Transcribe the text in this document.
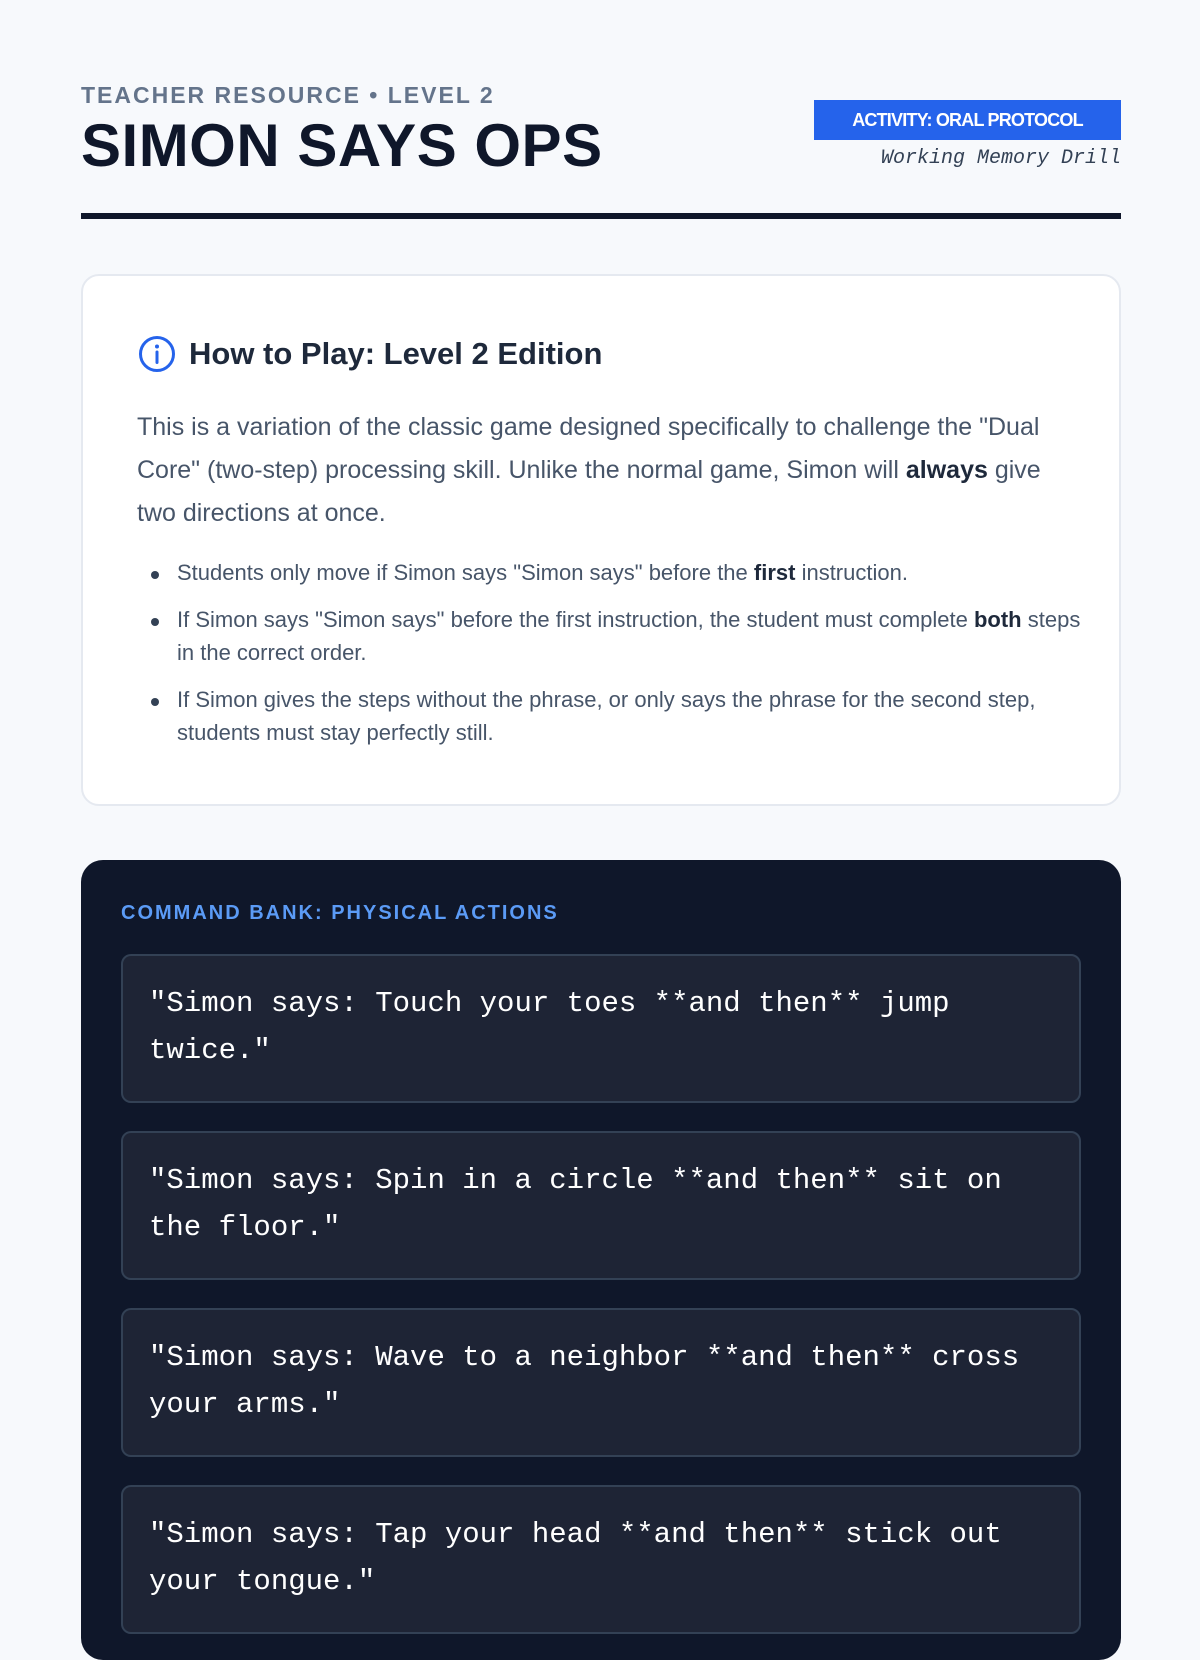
TEACHER RESOURCE • LEVEL 2
SIMON SAYS OPS	ACTIVITY: ORAL PROTOCOL
Working Memory Drill
How to Play: Level 2 Edition
This is a variation of the classic game designed specifically to challenge the "Dual Core" (two-step) processing skill. Unlike the normal game, Simon will always give two directions at once.
Students only move if Simon says "Simon says" before the first instruction.
If Simon says "Simon says" before the first instruction, the student must complete both steps in the correct order.
If Simon gives the steps without the phrase, or only says the phrase for the second step, students must stay perfectly still.
COMMAND BANK: PHYSICAL ACTIONS
"Simon says: Touch your toes **and then** jump twice."
"Simon says: Spin in a circle **and then** sit on the floor."
"Simon says: Wave to a neighbor **and then** cross your arms."
"Simon says: Tap your head **and then** stick out your tongue."
